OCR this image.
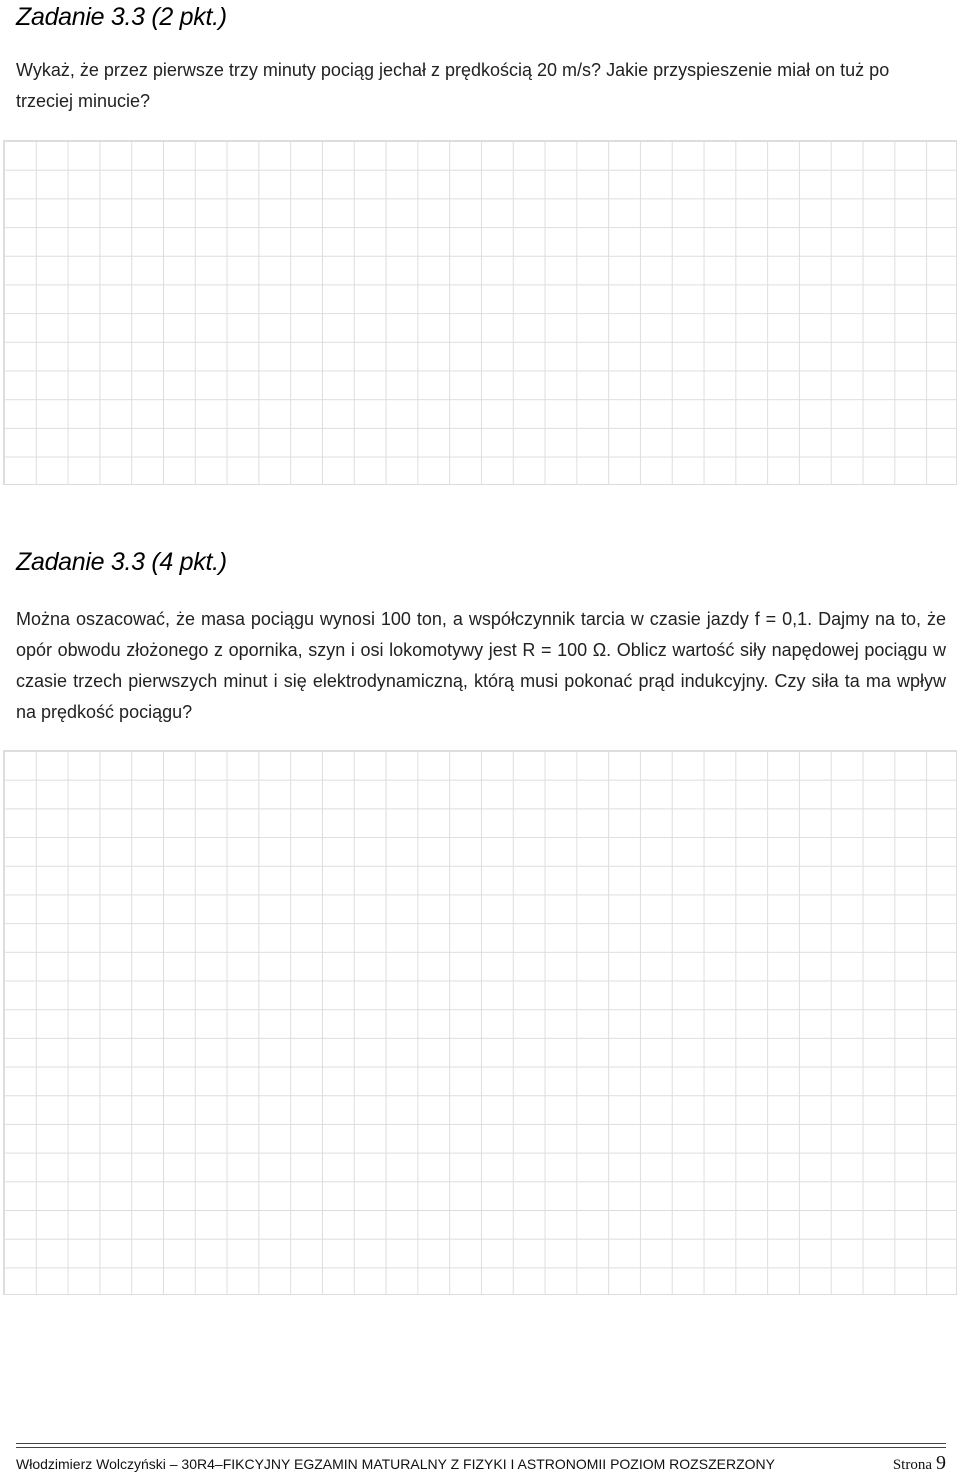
Zadanie 3.3 (2 pkt.)

Wykaż, że przez pierwsze trzy minuty pociąg jechał z prędkością 20 m/s? Jakie przyspieszenie miał on tuż po trzeciej minucie?

Zadanie 3.3 (4 pkt.)

Można oszacować, że masa pociągu wynosi 100 ton, a współczynnik tarcia w czasie jazdy f = 0,1. Dajmy na to, że opór obwodu złożonego z opornika, szyn i osi lokomotywy jest R = 100 Ω. Oblicz wartość siły napędowej pociągu w czasie trzech pierwszych minut i się elektrodynamiczną, którą musi pokonać prąd indukcyjny. Czy siła ta ma wpływ na prędkość pociągu?

Włodzimierz Wolczyński – 30R4–FIKCYJNY EGZAMIN MATURALNY Z FIZYKI I ASTRONOMII POZIOM ROZSZERZONY	Strona 9
